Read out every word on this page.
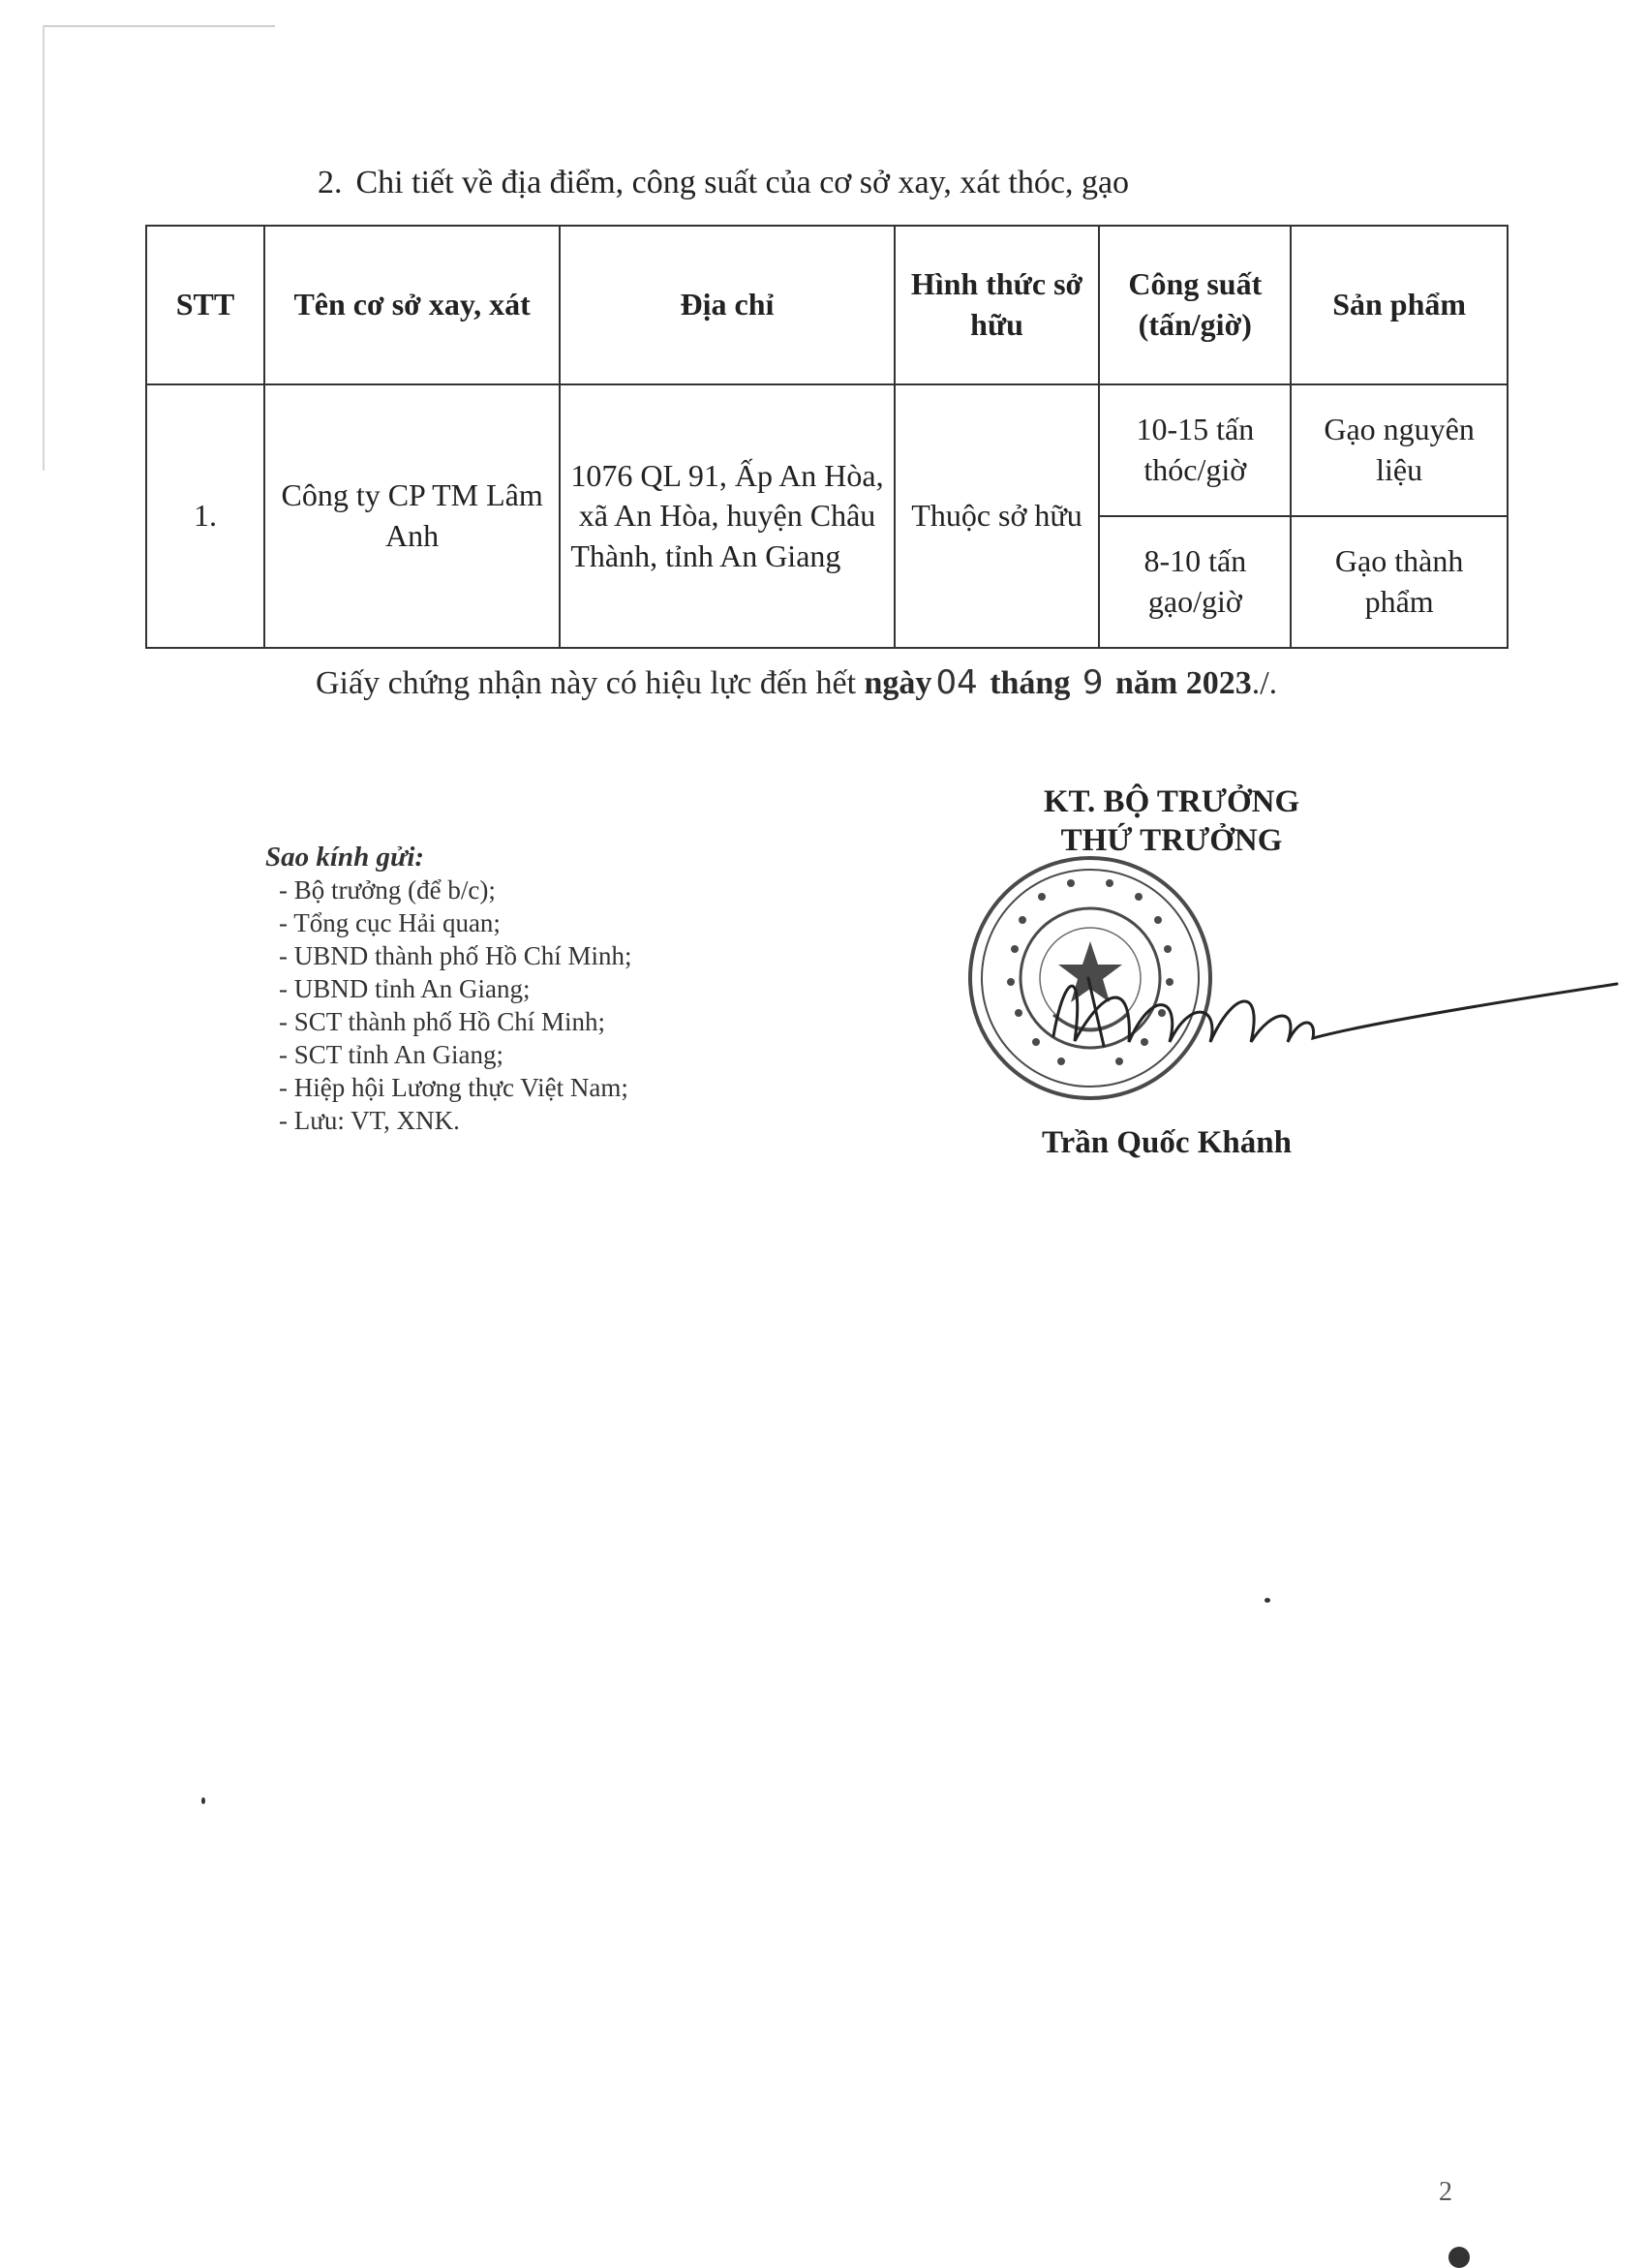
2. Chi tiết về địa điểm, công suất của cơ sở xay, xát thóc, gạo
STT	Tên cơ sở xay, xát	Địa chỉ	Hình thức sở hữu	Công suất (tấn/giờ)	Sản phẩm
1.	Công ty CP TM Lâm Anh	1076 QL 91, Ấp An Hòa, xã An Hòa, huyện Châu Thành, tỉnh An Giang	Thuộc sở hữu	10-15 tấn thóc/giờ	Gạo nguyên liệu
				8-10 tấn gạo/giờ	Gạo thành phẩm
Giấy chứng nhận này có hiệu lực đến hết ngày 04 tháng 9 năm 2023./.
Sao kính gửi:
- Bộ trưởng (để b/c);
- Tổng cục Hải quan;
- UBND thành phố Hồ Chí Minh;
- UBND tỉnh An Giang;
- SCT thành phố Hồ Chí Minh;
- SCT tỉnh An Giang;
- Hiệp hội Lương thực Việt Nam;
- Lưu: VT, XNK.
KT. BỘ TRƯỞNG
THỨ TRƯỞNG
Trần Quốc Khánh
2
